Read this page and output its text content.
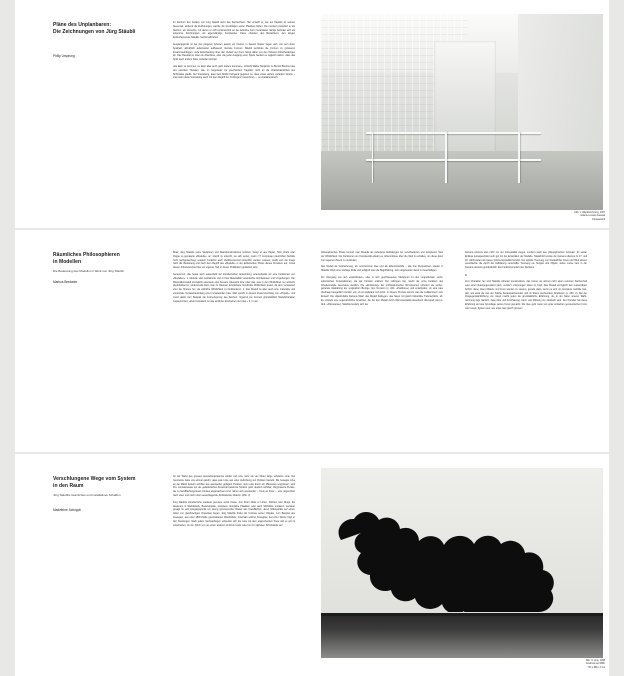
Pläne des Unplanbaren:
Die Zeichnungen von Jürg Stäubli

Philip Ursprung

Im Zentrum des Ateliers von Jürg Stäubli steht das Zeichenbrett. Hier entwirft er, wie ein Kapitän an seinem Steuerrad, stehend die Zeichnungen, welche die Grundlagen seiner Plastiken bilden. Die meisten produziert er als Skizzen, als Versuche, mit denen er sich kontinuierlich an die definitive Form herantastet. Einige befinden sich als autonome Zeichnungen, als eigenständige Kunstwerke. Diese erlauben den Betrachtern, den langen Entwurfsprozess Stäublis nachzuvollziehen.

Ausgangspunkt ist bei den jüngeren Arbeiten jeweils ein Kleinst- in dessen Raster liegen sich, wie auf einem Spielfeld, allmählich aufeinander aufbauend, kleinste Formen. Stäubli verbindet die Formen zu grösseren Zusammenhängen. Jede Entscheidung über den Verlauf der Form hängt dabei von den früheren Entscheidungen ab. Das Resultat ist zwar ein Abschluss, aber wie jeder Ausgang einer Spiels handelt es zugleich darum, dass das Spiel auch anders hätte verlaufen können.

«Es kann so kommen, es kann aber auch ganz anders kommen», schreibt Walter Benjamin zu Bertolt Brechts Idee des epischen Theaters, das, im Gegensatz zur griechischen Tragödie, nicht an die Unabänderlichkeit des Schicksals glaubt. Der Vorstellung, dass kein Abbild zwingend gegeben ist, dass etwas anders verlaufen könnte – man kann diese Vorstellung auch mit dem Begriff der Kontingenz bezeichnen –, ist charakteristisch

Abb. 1: Wandzeichnung, 1997
Galerie Luciano Fasciati
Donaueschti
Räumliches Philosophieren
in Modellen

Die Bedeutung des Modells im Werk von Jürg Stäubli

Markus Bredarim

Biner, Jürg Stäublis seine Skulpturen und Raumkonstruktionen konkreti. Serigr er aus Papier, Holz, Draht oder Pappe so gemalerte «Modelle», an. Gleich zu entsicht, sie sich seinst; meint z.T. komplexes räumlichen Gebilde nicht nachgezeichnet, sondern zunächst auch dreidimensional entworfen werden müssen, streift sich die Frage nach der Bedeutung und nach dem Begriff des «Modells» in der ästhetischen Praxis dieses Künstlers auf, zumal diesen Arbeitszeichnet hier ein eigenes Heft in dieser Publikation gewidmet wird.

Genommen, das heisst auch ausserhalb der künstlerischen Anwendung, unterscheidet wir eine Funktionen von «Modellen». 1. Modelle sind verkleinerte und in ihrer Materialität vereinfachte Architekturen und Umgebungen. Der Massstabsmodell ermöglicht einerseits eine bessere Übersicht bzw. über das, was in den Wirklichkeit nur schlecht überblickbar ist; andererseits kann man im Räumen komplizierte Verstrickte Wirklichkeit testen, da dem verspiesert eher die Chance her, als wirkliche Wirklichkeit zu funktionieren. 2. Das Modell ist aber auch eine materielle und emotionale Vorsaschauticharg einer immateriellen Idee. Man spricht in diesem Zusammenhang von «Projekt», und meint damit zum Beispiel die Formensprung des Zeichen. Irrgetrud bei Formelt gründsätzlich Modellcharakter zugesprochen: «Das Kunstwerk ist das sinnliche Erscheinen der Idee.» 3. In der

philosophischen Praxis benutzt man Modelle als neburierte Abbildungen bei verschiedenen und komplexen Teile der Wirklichkeit. Die Funktionen ein Komplexität erlaubt es, Erkenntnisse über die Welt zu erhalten, um diese dann zum eigenen Zweck zu verändern.

Das Modell als Verkleinerung, als vereinzelnste Idee und als Erkenntnishilfe – alle drei Perspektiven spielen in Stäublis Werk eine wichtige Rolle und lediglich also die Begriffsbung, sich eingehender damit zu beschäftigen.

Zur Übergang von den «Apartbeiten», eher in sich geschlossenen Skulpturen zu den vorgreifenden, architektonischen Konstruktionen, die der Künstler erleben! Det vollzogen hat, macht die erste Funktion des Arbeitsmodelle besonders deutlich. Die «Erinlösung» der architektonischen Dimensionen erfordert die vorhergehende Alleklärung der vergleichen Bezüge zum Umraum (s. Abb. «Pavillons») und entscheidet, ob eine Idee überhaupt ausgeführt werden soll, ob ein Aufwand sich lohnt. In diesem Prozess kommt was die Luftkammern zum Einsatz: Die objektivhafte Kamera föllert das Modell hellregen, das heisst mit gleich Nebelfolie Tiefenschärfe, ab. Es entsteht eine sogenanntliche Ansichten, die bei den Modell durch Monumentalität täuschend überspielt wird (s. Abb. «Panorama»). Stäublis bedient sich der

Camera obscura also nicht nur der Fotoqualität wegen, sondern auch aus philosophischen Gründen. Ihr weiter Einfluss kunstgeschiebt sehr gut mit der Entwicklert der Modelle. Tatsächlich wurde die Camera obscura im 17. und 18. Jahrhundert als basso 3-Dimensionalität benützt. Die sichtde Trennung von Dreidachbei innen und Weit wissen vereinfachte die durch die Aufklärung verschaffte Trennung ein Subjekt und Objekt. Jeden Lucke zam in der Camera obscura grundsätzlich das Funktionsmodell des Denkens.

4.

Vom Charakter her sind Stäublis Arbeiten konstruktions, das heisst, sie ahmen nicht einen externen Sachverhalt oder einen Naturgegenstand nach, sondern entsprungen Ideen im Kopf. Das Modell ermöglicht den notwendigen Schritt, diese Ideen Materie und Form werden zu Lassen, gerade dann, wenn es sich um komplexe Gebilde handelt, wie etwa die aus der Fläche herauswachsenden und im Raum wuchernden Strukturen (s. Abb. 2). Bei der Freigegenständlichung von Ideen macht jeden die grundsätzliche Erfahrung, die in der Natur unserer Wahrnehmung liegt nämlich, dass Idee und Anschauung, Form und Wirkung nur identisch sind. Der Künstler hat diese Erfahrung auf aus Grundlage seines Kunst gemacht: Die Idee geht meist von einer einfachen geometrischen Form oder einem System aus, wie etwa zwei gleich grossen

Verschlungene Wege vom System
in den Raum

Jürg Stäublis räumliches und installatives Schaffen

Madeleine Schuppli

An der Wand des grossen Ausstellungsraumes windet sich eine mehr als vier Meter lange schwarze Linie. Die Geometrie hatte uns einmal gelehrt, dass jede Linie aus einer Aufreihung von Punkten besteht. Die bewegte Linie an der Wand besteht sichtbar aus aneinander gefügten Punkten, denn eine durch ein Mikroskop vergrössert, wird ihre normalerweise nur als gedanklisches Konstrukt bekannte Struktur ganz deutlich sichtbar: Vergrösserte Punkte, die zu handflächengrossen Kreisen angewachsen sind, reihen sich aneinander – Kreis an Kreis –, eine ungeordnet nach oben und nach unten ausschlagende Zickzacklinie bildend. (Abb. 3)

Jürg Stäublis künstlerische markiere premiere sehnt Kreise. Aus ihnen bildet er Linien, Flächen oder Ringe, die wiederum in Wandreliefs, Bodenobjekte, komplexe räumliche Plastiken oder auch Sitzbänke mutieren. Genauer gesagt ist sein Ausgangspunkt ein streng geometrischer Raster aus Kreisflächen, deren Mittelpunkte auf einem Gitter von gleichwertigen Dreiecken liegen. Jürg Stäublis findet die Umrisse seiner Objekte, zum Beispiel des bewegten, aus einer MDF-Platte geschnittenen Wandreliefs, innerhalb solcher Kreisgitter. Auf einer Skizze folgt er den Kreisbogen. Nach jedem Sechstelbogen schneidet sich die Linie mit dem angrenzenden Kreis und es gilt zu entscheiden, ob der Strich von um einen anderen Zentrum kreist oder bis zur nächsten Schnittstelle auf

Abb. 3: Linie, 1998
Ausdruck auf MDF
713 x 686 x 3 cm
